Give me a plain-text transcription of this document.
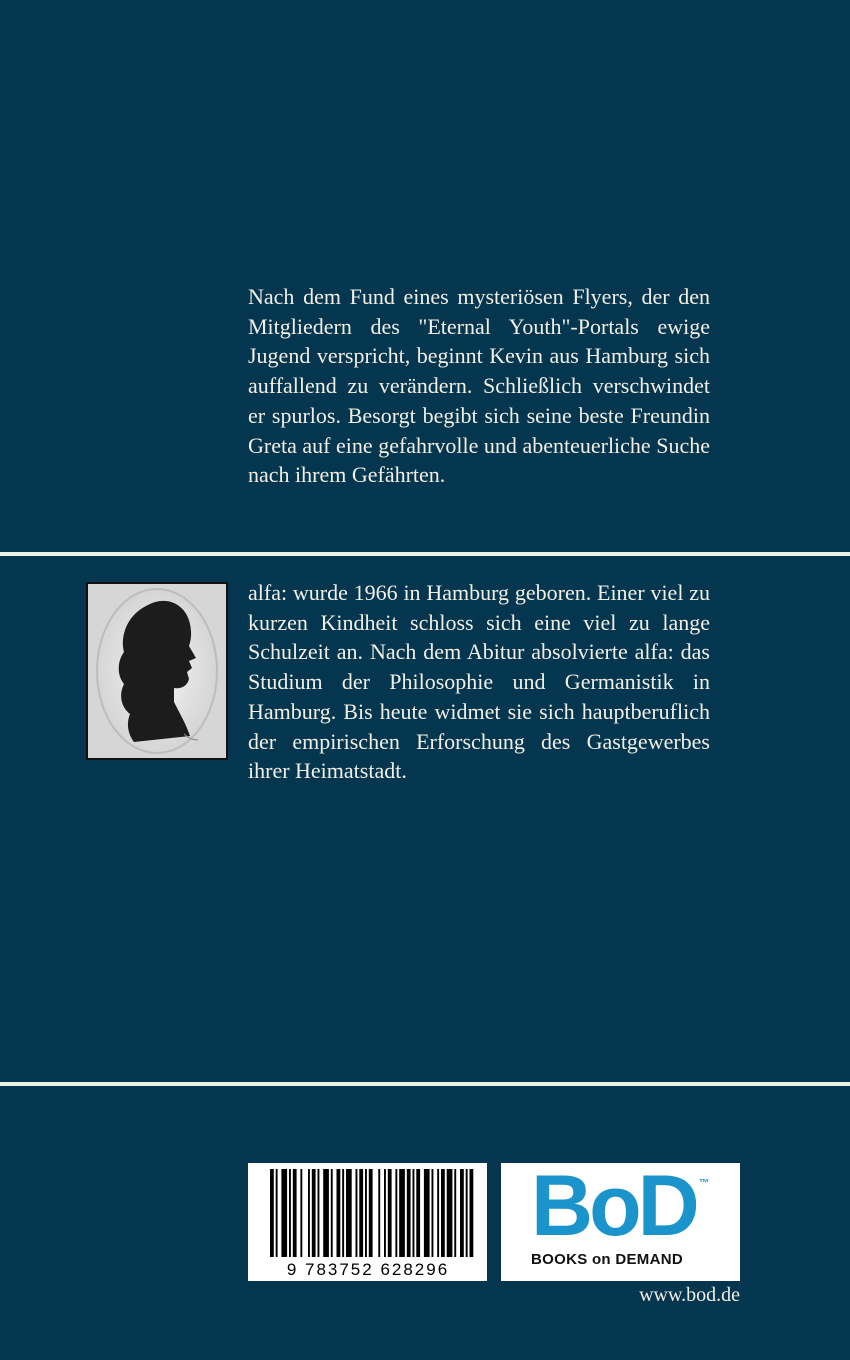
Nach dem Fund eines mysteriösen Flyers, der den Mitgliedern des "Eternal Youth"-Portals ewige Jugend verspricht, beginnt Kevin aus Hamburg sich auffallend zu verändern. Schließlich verschwindet er spurlos. Besorgt begibt sich seine beste Freundin Greta auf eine gefahrvolle und abenteuerliche Suche nach ihrem Gefährten.

alfa: wurde 1966 in Hamburg geboren. Einer viel zu kurzen Kindheit schloss sich eine viel zu lange Schulzeit an. Nach dem Abitur absolvierte alfa: das Studium der Philosophie und Germanistik in Hamburg. Bis heute widmet sie sich hauptberuflich der empirischen Erforschung des Gastgewerbes ihrer Heimatstadt.

9 783752 628296
BoD ™
BOOKS on DEMAND
www.bod.de
